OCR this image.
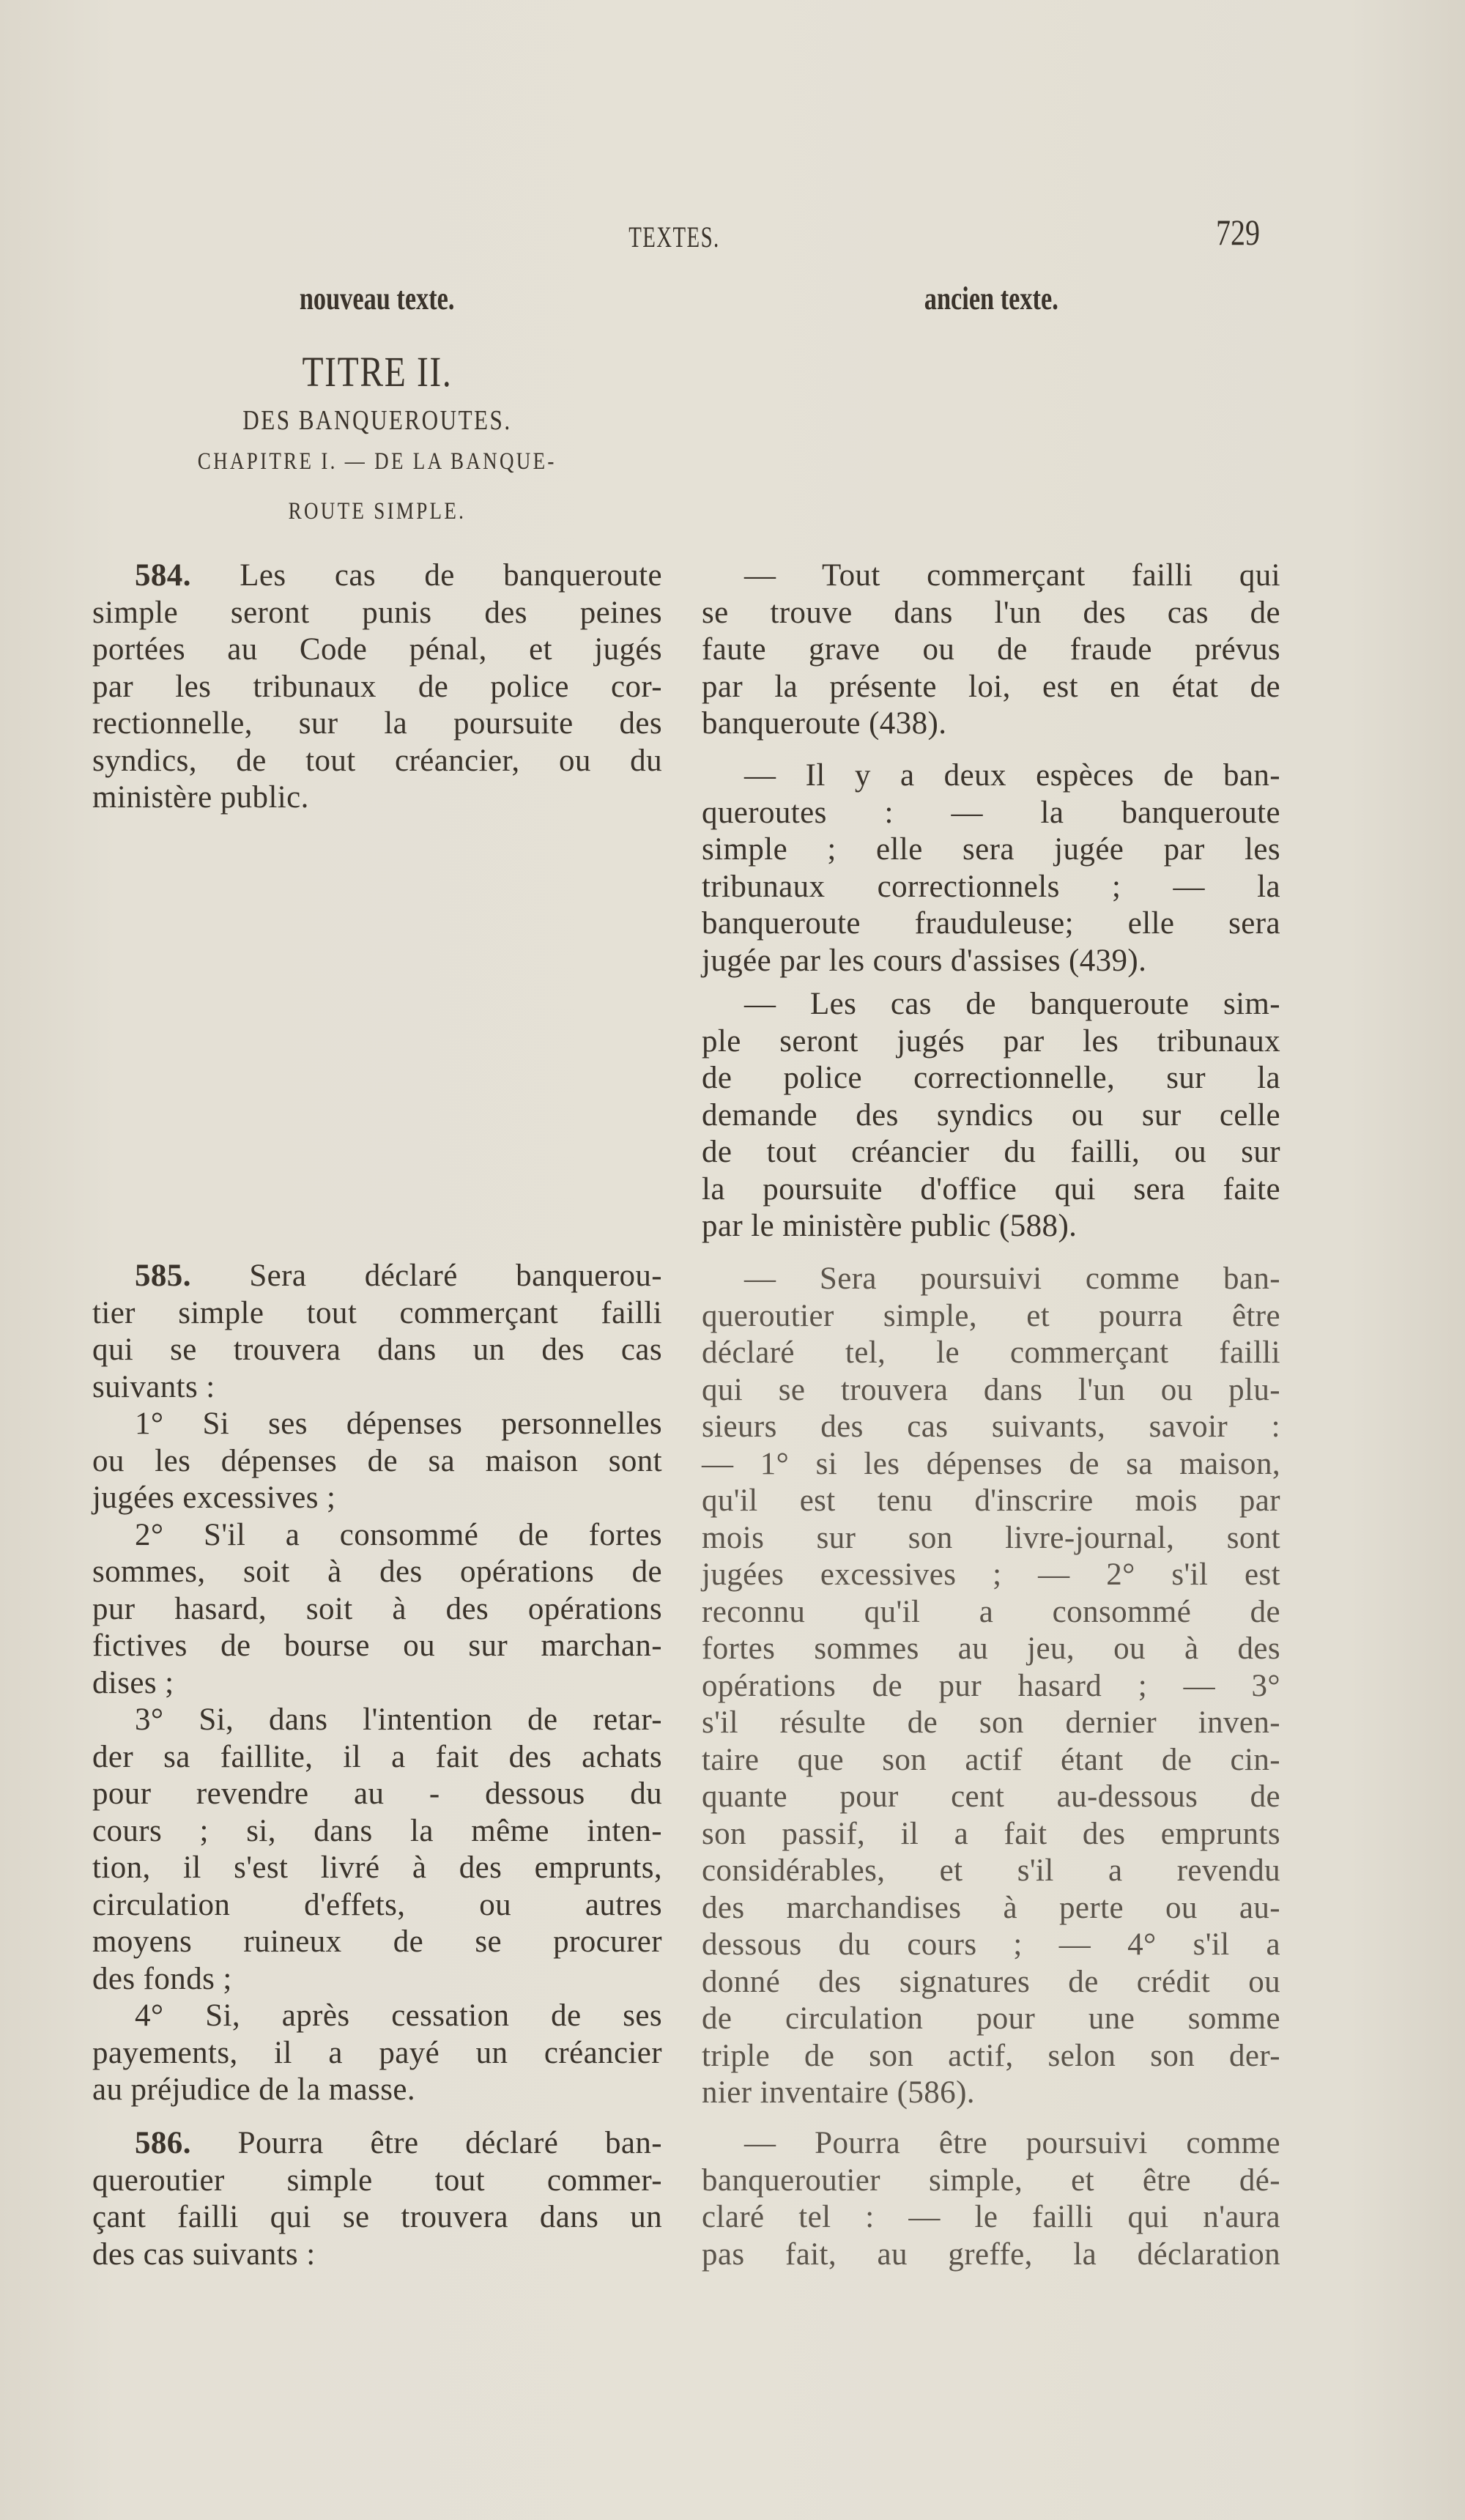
TEXTES.	729
nouveau texte.	ancien texte.
TITRE II.
DES BANQUEROUTES.
CHAPITRE I. — DE LA BANQUE-
ROUTE SIMPLE.
584. Les cas de banqueroute
simple seront punis des peines
portées au Code pénal, et jugés
par les tribunaux de police cor-
rectionnelle, sur la poursuite des
syndics, de tout créancier, ou du
ministère public.
585. Sera déclaré banquerou-
tier simple tout commerçant failli
qui se trouvera dans un des cas
suivants :
1° Si ses dépenses personnelles
ou les dépenses de sa maison sont
jugées excessives ;
2° S'il a consommé de fortes
sommes, soit à des opérations de
pur hasard, soit à des opérations
fictives de bourse ou sur marchan-
dises ;
3° Si, dans l'intention de retar-
der sa faillite, il a fait des achats
pour revendre au - dessous du
cours ; si, dans la même inten-
tion, il s'est livré à des emprunts,
circulation d'effets, ou autres
moyens ruineux de se procurer
des fonds ;
4° Si, après cessation de ses
payements, il a payé un créancier
au préjudice de la masse.
586. Pourra être déclaré ban-
queroutier simple tout commer-
çant failli qui se trouvera dans un
des cas suivants :
— Tout commerçant failli qui
se trouve dans l'un des cas de
faute grave ou de fraude prévus
par la présente loi, est en état de
banqueroute (438).
— Il y a deux espèces de ban-
queroutes : — la banqueroute
simple ; elle sera jugée par les
tribunaux correctionnels ; — la
banqueroute frauduleuse; elle sera
jugée par les cours d'assises (439).
— Les cas de banqueroute sim-
ple seront jugés par les tribunaux
de police correctionnelle, sur la
demande des syndics ou sur celle
de tout créancier du failli, ou sur
la poursuite d'office qui sera faite
par le ministère public (588).
— Sera poursuivi comme ban-
queroutier simple, et pourra être
déclaré tel, le commerçant failli
qui se trouvera dans l'un ou plu-
sieurs des cas suivants, savoir :
— 1° si les dépenses de sa maison,
qu'il est tenu d'inscrire mois par
mois sur son livre-journal, sont
jugées excessives ; — 2° s'il est
reconnu qu'il a consommé de
fortes sommes au jeu, ou à des
opérations de pur hasard ; — 3°
s'il résulte de son dernier inven-
taire que son actif étant de cin-
quante pour cent au-dessous de
son passif, il a fait des emprunts
considérables, et s'il a revendu
des marchandises à perte ou au-
dessous du cours ; — 4° s'il a
donné des signatures de crédit ou
de circulation pour une somme
triple de son actif, selon son der-
nier inventaire (586).
— Pourra être poursuivi comme
banqueroutier simple, et être dé-
claré tel : — le failli qui n'aura
pas fait, au greffe, la déclaration
